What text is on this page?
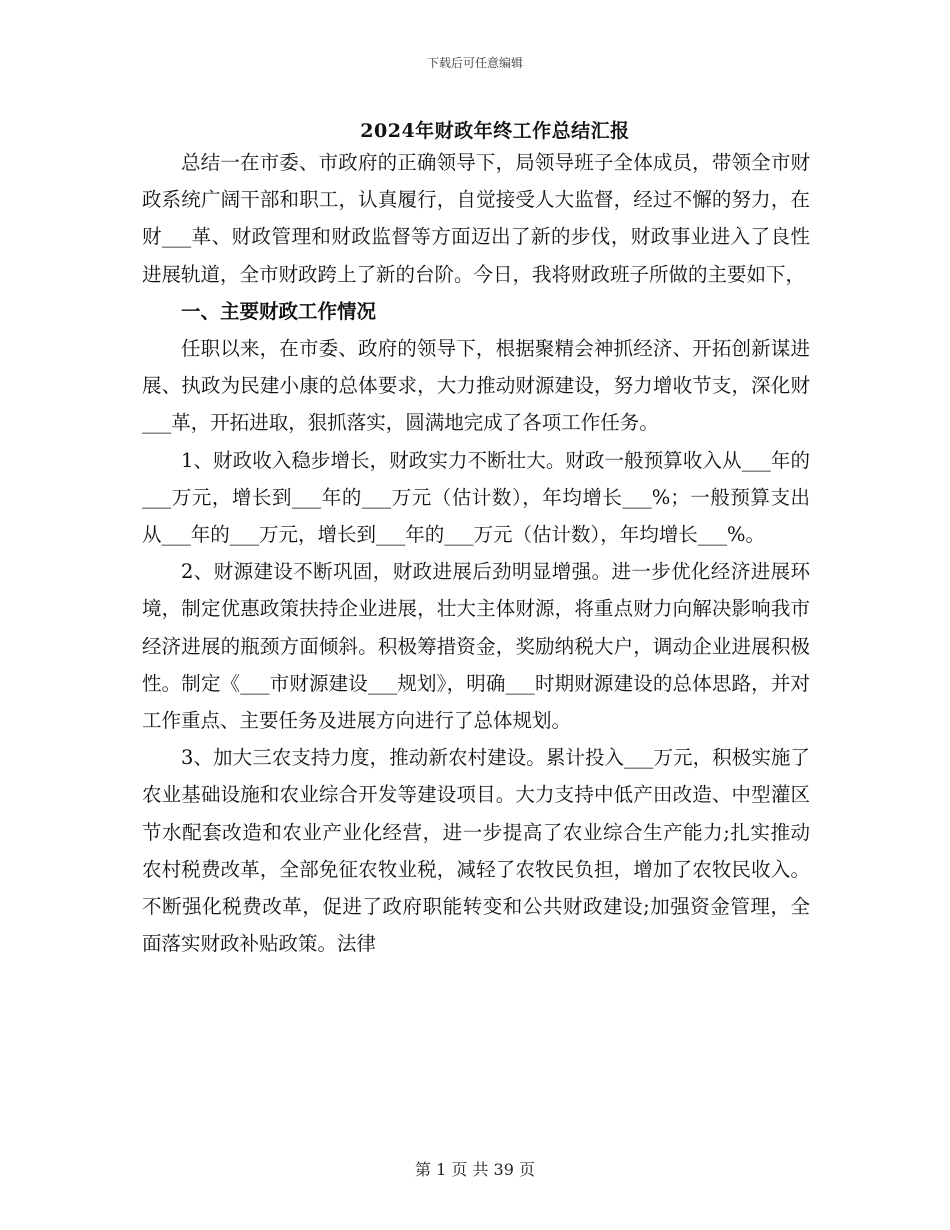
下载后可任意编辑
2024年财政年终工作总结汇报

总结一在市委、市政府的正确领导下，局领导班子全体成员，带领全市财政系统广阔干部和职工，认真履行，自觉接受人大监督，经过不懈的努力，在财___革、财政管理和财政监督等方面迈出了新的步伐，财政事业进入了良性进展轨道，全市财政跨上了新的台阶。今日，我将财政班子所做的主要如下，

一、主要财政工作情况

任职以来，在市委、政府的领导下，根据聚精会神抓经济、开拓创新谋进展、执政为民建小康的总体要求，大力推动财源建设，努力增收节支，深化财___革，开拓进取，狠抓落实，圆满地完成了各项工作任务。

1、财政收入稳步增长，财政实力不断壮大。财政一般预算收入从___年的___万元，增长到___年的___万元（估计数），年均增长___%；一般预算支出从___年的___万元，增长到___年的___万元（估计数），年均增长___%。

2、财源建设不断巩固，财政进展后劲明显增强。进一步优化经济进展环境，制定优惠政策扶持企业进展，壮大主体财源，将重点财力向解决影响我市经济进展的瓶颈方面倾斜。积极筹措资金，奖励纳税大户，调动企业进展积极性。制定《___市财源建设___规划》，明确___时期财源建设的总体思路，并对工作重点、主要任务及进展方向进行了总体规划。

3、加大三农支持力度，推动新农村建设。累计投入___万元，积极实施了农业基础设施和农业综合开发等建设项目。大力支持中低产田改造、中型灌区节水配套改造和农业产业化经营，进一步提高了农业综合生产能力;扎实推动农村税费改革，全部免征农牧业税，减轻了农牧民负担，增加了农牧民收入。不断强化税费改革，促进了政府职能转变和公共财政建设;加强资金管理，全面落实财政补贴政策。法律

第 1 页 共 39 页
